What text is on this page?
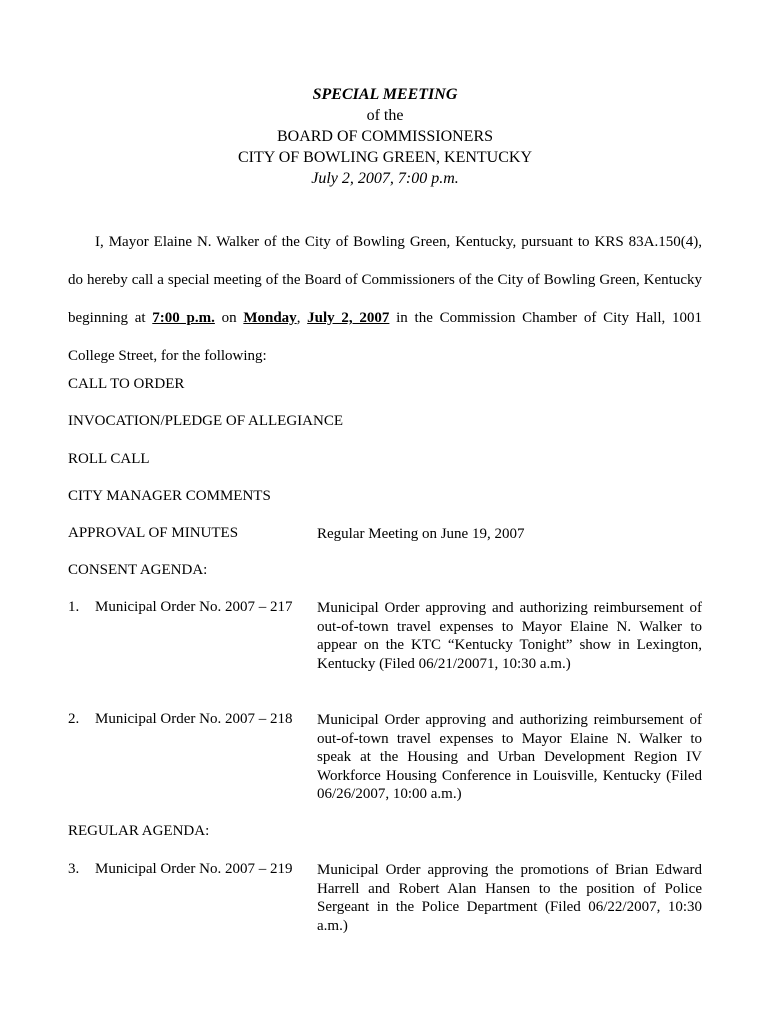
SPECIAL MEETING
of the
BOARD OF COMMISSIONERS
CITY OF BOWLING GREEN, KENTUCKY
July 2, 2007, 7:00 p.m.
I, Mayor Elaine N. Walker of the City of Bowling Green, Kentucky, pursuant to KRS 83A.150(4), do hereby call a special meeting of the Board of Commissioners of the City of Bowling Green, Kentucky beginning at 7:00 p.m. on Monday, July 2, 2007 in the Commission Chamber of City Hall, 1001 College Street, for the following:
CALL TO ORDER
INVOCATION/PLEDGE OF ALLEGIANCE
ROLL CALL
CITY MANAGER COMMENTS
APPROVAL OF MINUTES	Regular Meeting on June 19, 2007
CONSENT AGENDA:
1. Municipal Order No. 2007 – 217 Municipal Order approving and authorizing reimbursement of out-of-town travel expenses to Mayor Elaine N. Walker to appear on the KTC “Kentucky Tonight” show in Lexington, Kentucky (Filed 06/21/20071, 10:30 a.m.)
2. Municipal Order No. 2007 – 218 Municipal Order approving and authorizing reimbursement of out-of-town travel expenses to Mayor Elaine N. Walker to speak at the Housing and Urban Development Region IV Workforce Housing Conference in Louisville, Kentucky (Filed 06/26/2007, 10:00 a.m.)
REGULAR AGENDA:
3. Municipal Order No. 2007 – 219 Municipal Order approving the promotions of Brian Edward Harrell and Robert Alan Hansen to the position of Police Sergeant in the Police Department (Filed 06/22/2007, 10:30 a.m.)
